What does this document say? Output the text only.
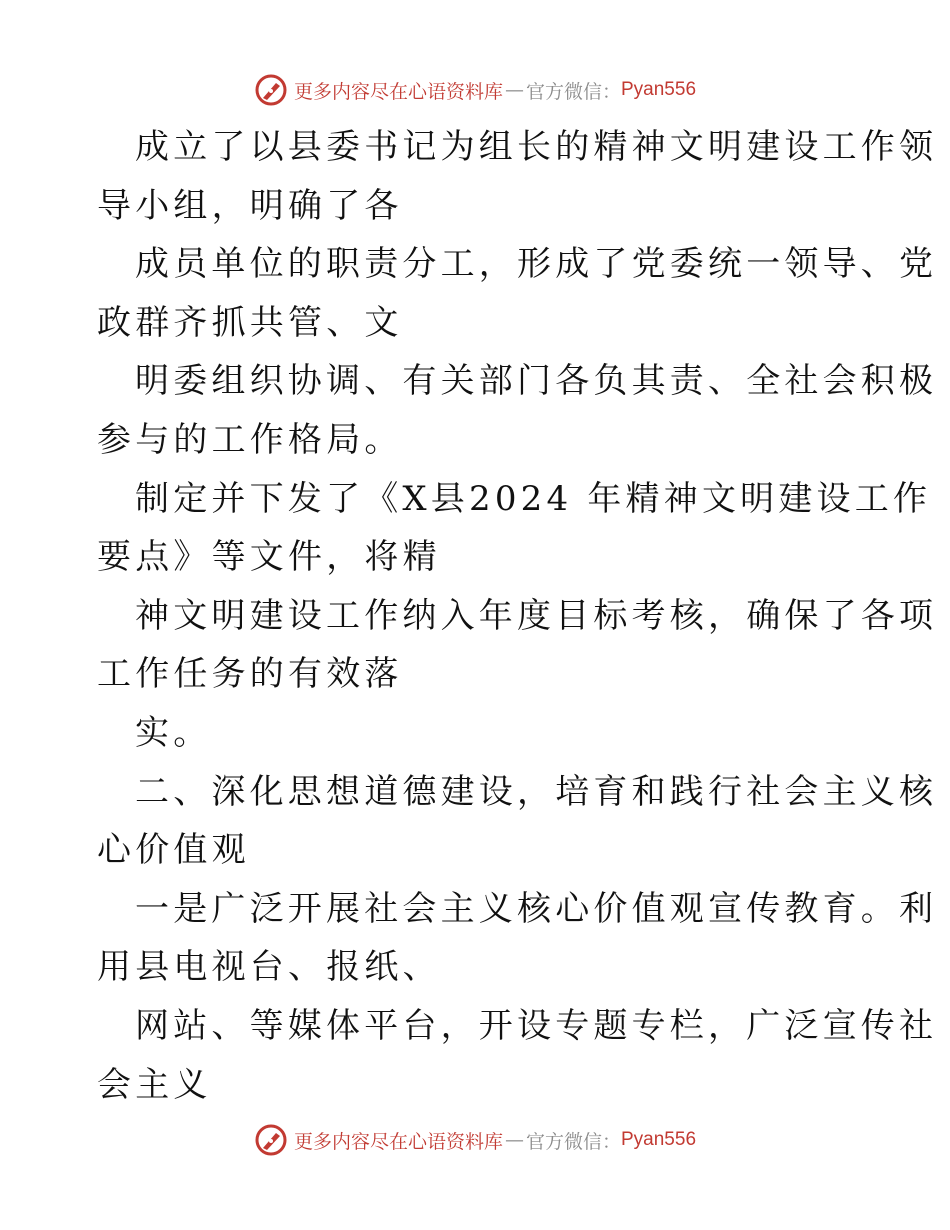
更多内容尽在心语资料库 — 官方微信： Pyan556
成立了以县委书记为组长的精神文明建设工作领
导小组，明确了各
成员单位的职责分工，形成了党委统一领导、党
政群齐抓共管、文
明委组织协调、有关部门各负其责、全社会积极
参与的工作格局。
制定并下发了《X县2024 年精神文明建设工作
要点》等文件，将精
神文明建设工作纳入年度目标考核，确保了各项
工作任务的有效落
实。
二、深化思想道德建设，培育和践行社会主义核
心价值观
一是广泛开展社会主义核心价值观宣传教育。利
用县电视台、报纸、
网站、等媒体平台，开设专题专栏，广泛宣传社
会主义
更多内容尽在心语资料库 — 官方微信： Pyan556
